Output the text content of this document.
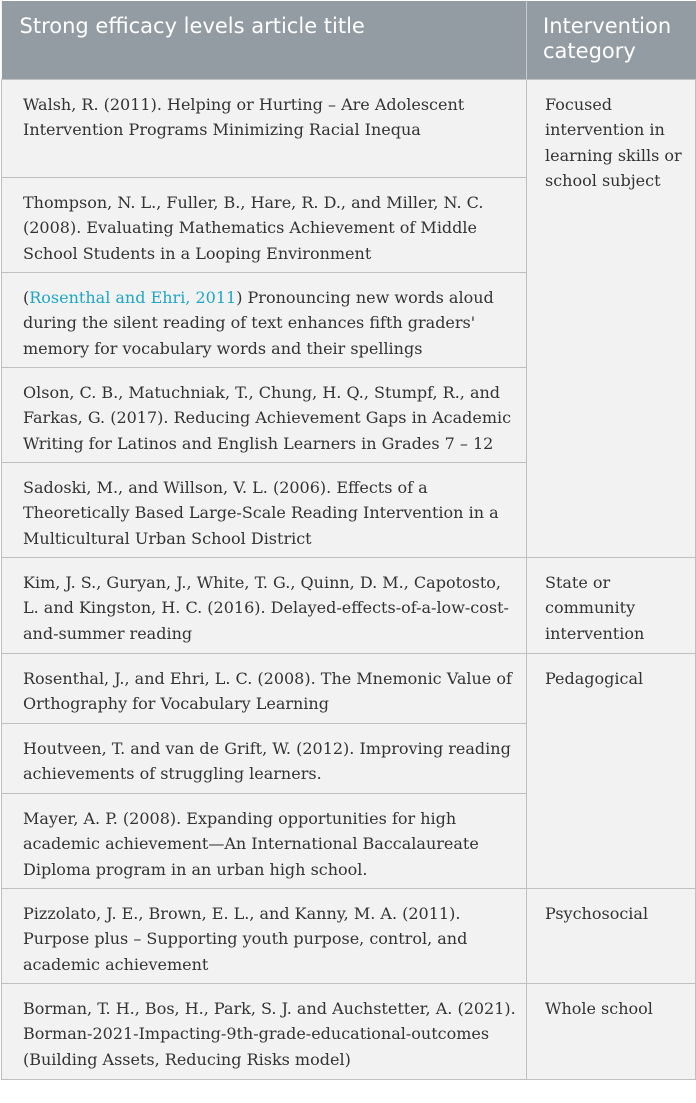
Strong efficacy levels article title	Intervention category
Walsh, R. (2011). Helping or Hurting – Are Adolescent Intervention Programs Minimizing Racial Inequa	Focused intervention in learning skills or school subject
Thompson, N. L., Fuller, B., Hare, R. D., and Miller, N. C. (2008). Evaluating Mathematics Achievement of Middle School Students in a Looping Environment	
(Rosenthal and Ehri, 2011) Pronouncing new words aloud during the silent reading of text enhances fifth graders' memory for vocabulary words and their spellings	
Olson, C. B., Matuchniak, T., Chung, H. Q., Stumpf, R., and Farkas, G. (2017). Reducing Achievement Gaps in Academic Writing for Latinos and English Learners in Grades 7 – 12	
Sadoski, M., and Willson, V. L. (2006). Effects of a Theoretically Based Large-Scale Reading Intervention in a Multicultural Urban School District	
Kim, J. S., Guryan, J., White, T. G., Quinn, D. M., Capotosto, L. and Kingston, H. C. (2016). Delayed-effects-of-a-low-cost-and-summer reading	State or community intervention
Rosenthal, J., and Ehri, L. C. (2008). The Mnemonic Value of Orthography for Vocabulary Learning	Pedagogical
Houtveen, T. and van de Grift, W. (2012). Improving reading achievements of struggling learners.	
Mayer, A. P. (2008). Expanding opportunities for high academic achievement—An International Baccalaureate Diploma program in an urban high school.	
Pizzolato, J. E., Brown, E. L., and Kanny, M. A. (2011). Purpose plus – Supporting youth purpose, control, and academic achievement	Psychosocial
Borman, T. H., Bos, H., Park, S. J. and Auchstetter, A. (2021). Borman-2021-Impacting-9th-grade-educational-outcomes (Building Assets, Reducing Risks model)	Whole school
